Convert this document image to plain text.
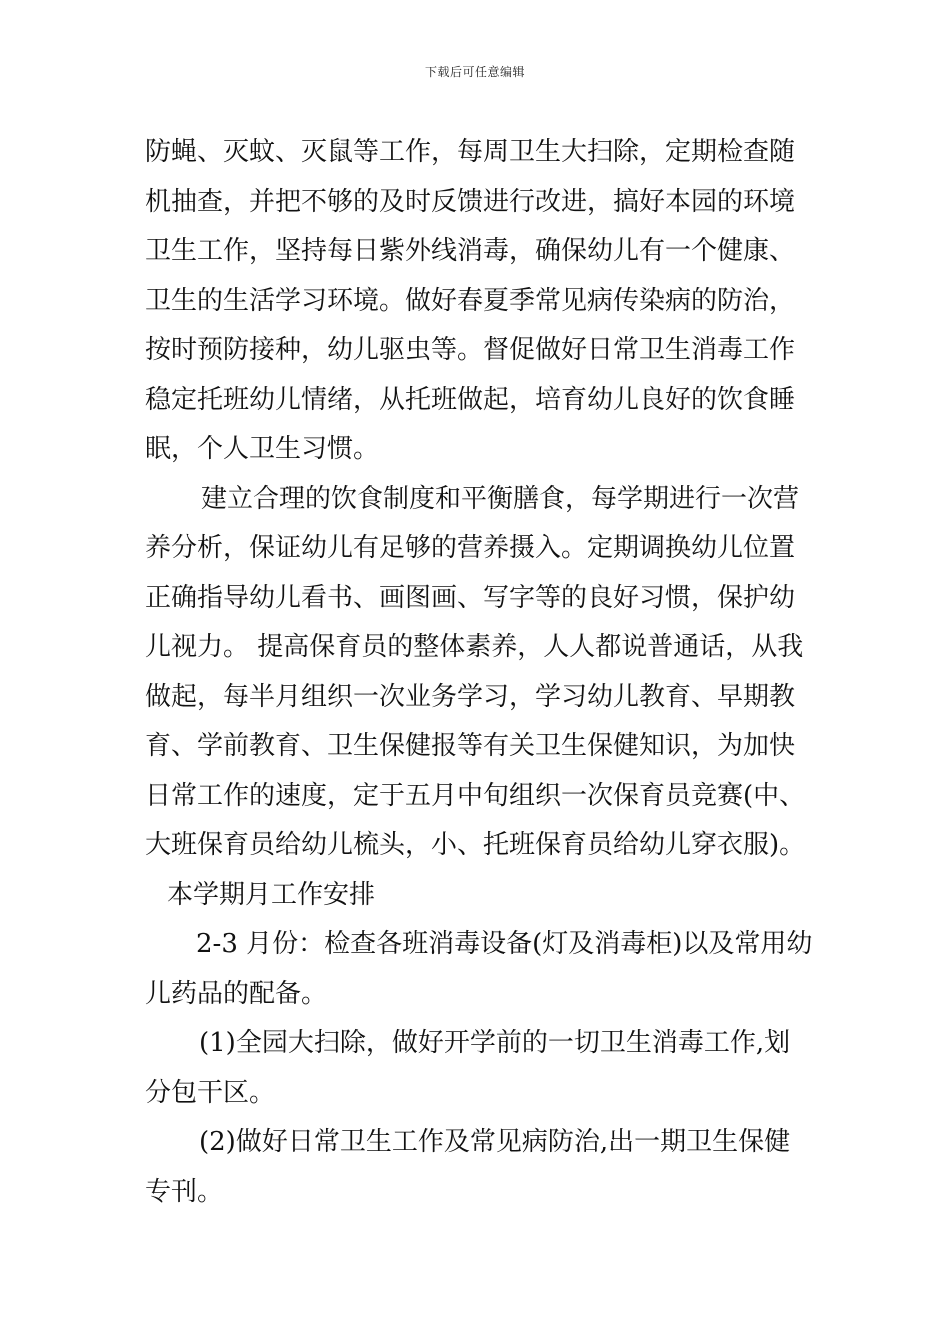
下载后可任意编辑
防蝇、灭蚊、灭鼠等工作，每周卫生大扫除，定期检查随
机抽查，并把不够的及时反馈进行改进，搞好本园的环境
卫生工作，坚持每日紫外线消毒，确保幼儿有一个健康、
卫生的生活学习环境。做好春夏季常见病传染病的防治，
按时预防接种，幼儿驱虫等。督促做好日常卫生消毒工作
稳定托班幼儿情绪，从托班做起，培育幼儿良好的饮食睡
眠，个人卫生习惯。
建立合理的饮食制度和平衡膳食，每学期进行一次营
养分析，保证幼儿有足够的营养摄入。定期调换幼儿位置
正确指导幼儿看书、画图画、写字等的良好习惯，保护幼
儿视力。 提高保育员的整体素养，人人都说普通话，从我
做起，每半月组织一次业务学习，学习幼儿教育、早期教
育、学前教育、卫生保健报等有关卫生保健知识，为加快
日常工作的速度，定于五月中旬组织一次保育员竞赛(中、
大班保育员给幼儿梳头，小、托班保育员给幼儿穿衣服)。
本学期月工作安排
2-3 月份：检查各班消毒设备(灯及消毒柜)以及常用幼
儿药品的配备。
(1)全园大扫除，做好开学前的一切卫生消毒工作,划
分包干区。
(2)做好日常卫生工作及常见病防治,出一期卫生保健
专刊。
